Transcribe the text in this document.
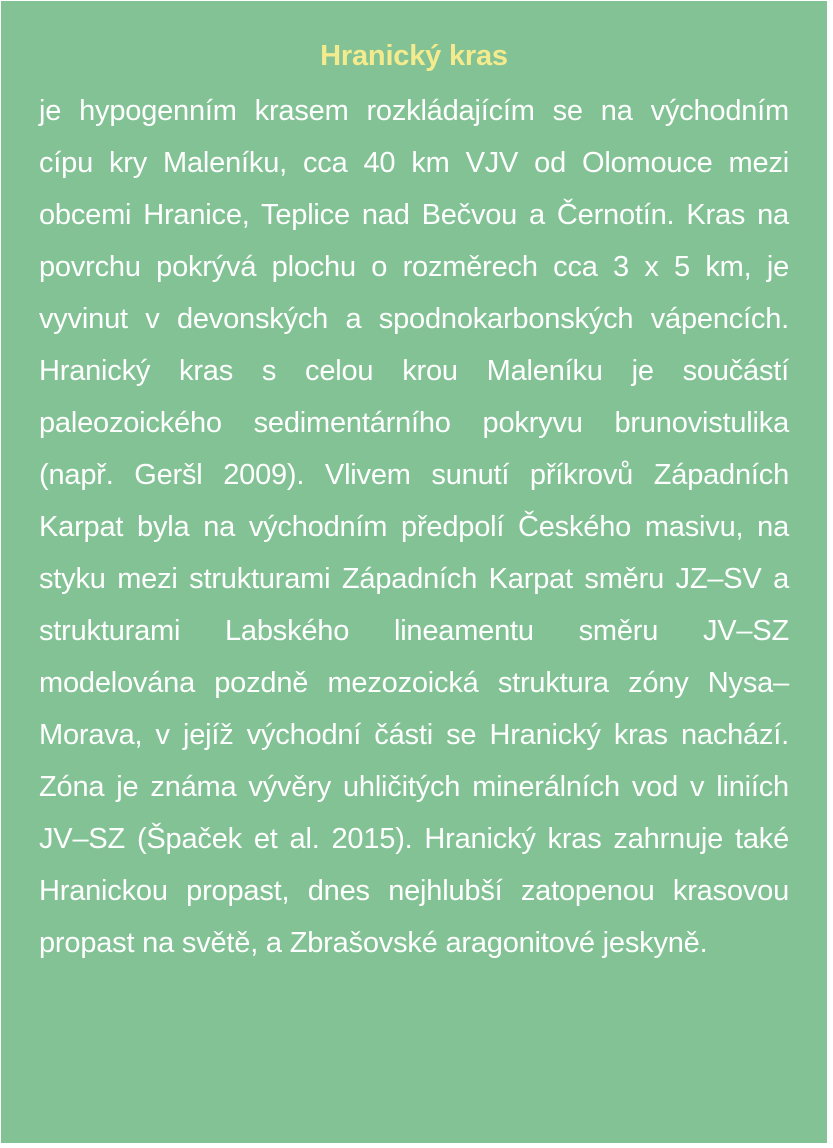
Hranický kras

je hypogenním krasem rozkládajícím se na východním cípu kry Maleníku, cca 40 km VJV od Olomouce mezi obcemi Hranice, Teplice nad Bečvou a Černotín. Kras na povrchu pokrývá plochu o rozměrech cca 3 x 5 km, je vyvinut v devonských a spodnokarbonských vápencích. Hranický kras s celou krou Maleníku je součástí paleozoického sedimentárního pokryvu brunovistulika (např. Geršl 2009). Vlivem sunutí příkrovů Západních Karpat byla na východním předpolí Českého masivu, na styku mezi strukturami Západních Karpat směru JZ–SV a strukturami Labského lineamentu směru JV–SZ modelována pozdně mezozoická struktura zóny Nysa–Morava, v jejíž východní části se Hranický kras nachází. Zóna je známa vývěry uhličitých minerálních vod v liniích JV–SZ (Špaček et al. 2015). Hranický kras zahrnuje také Hranickou propast, dnes nejhlubší zatopenou krasovou propast na světě, a Zbrašovské aragonitové jeskyně.
